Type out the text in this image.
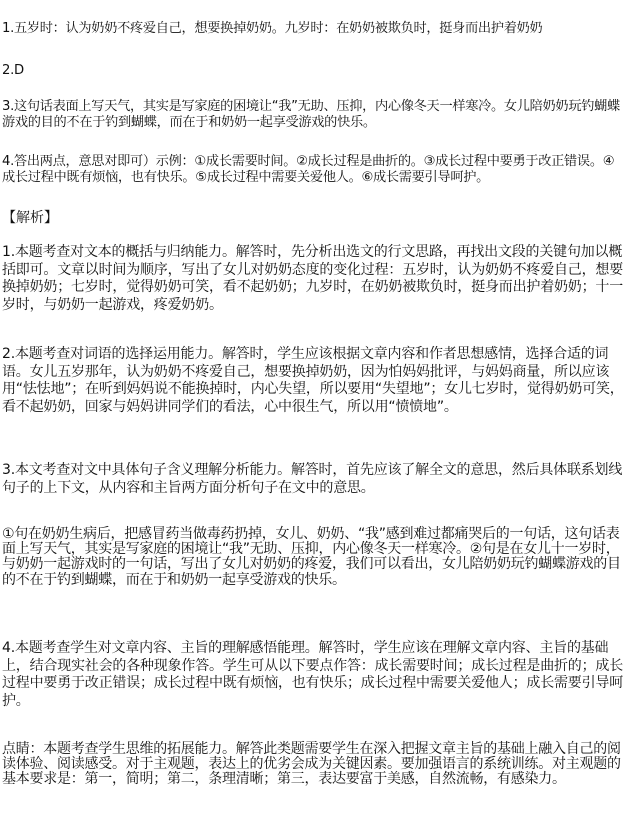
1.五岁时：认为奶奶不疼爱自己，想要换掉奶奶。九岁时：在奶奶被欺负时，挺身而出护着奶奶

2.D

3.这句话表面上写天气，其实是写家庭的困境让“我”无助、压抑，内心像冬天一样寒冷。女儿陪奶奶玩钓蝴蝶游戏的目的不在于钓到蝴蝶，而在于和奶奶一起享受游戏的快乐。

4.答出两点，意思对即可）示例：①成长需要时间。②成长过程是曲折的。③成长过程中要勇于改正错误。④成长过程中既有烦恼，也有快乐。⑤成长过程中需要关爱他人。⑥成长需要引导呵护。

【解析】

1.本题考查对文本的概括与归纳能力。解答时，先分析出选文的行文思路，再找出文段的关键句加以概括即可。文章以时间为顺序，写出了女儿对奶奶态度的变化过程：五岁时，认为奶奶不疼爱自己，想要换掉奶奶；七岁时，觉得奶奶可笑，看不起奶奶；九岁时，在奶奶被欺负时，挺身而出护着奶奶；十一岁时，与奶奶一起游戏，疼爱奶奶。

2.本题考查对词语的选择运用能力。解答时，学生应该根据文章内容和作者思想感情，选择合适的词语。女儿五岁那年，认为奶奶不疼爱自己，想要换掉奶奶，因为怕妈妈批评，与妈妈商量，所以应该用“怯怯地”；在听到妈妈说不能换掉时，内心失望，所以要用“失望地”；女儿七岁时，觉得奶奶可笑，看不起奶奶，回家与妈妈讲同学们的看法，心中很生气，所以用“愤愤地”。

3.本文考查对文中具体句子含义理解分析能力。解答时，首先应该了解全文的意思，然后具体联系划线句子的上下文，从内容和主旨两方面分析句子在文中的意思。

①句在奶奶生病后，把感冒药当做毒药扔掉，女儿、奶奶、“我”感到难过都痛哭后的一句话，这句话表面上写天气，其实是写家庭的困境让“我”无助、压抑，内心像冬天一样寒冷。②句是在女儿十一岁时，与奶奶一起游戏时的一句话，写出了女儿对奶奶的疼爱，我们可以看出，女儿陪奶奶玩钓蝴蝶游戏的目的不在于钓到蝴蝶，而在于和奶奶一起享受游戏的快乐。

4.本题考查学生对文章内容、主旨的理解感悟能理。解答时，学生应该在理解文章内容、主旨的基础上，结合现实社会的各种现象作答。学生可从以下要点作答：成长需要时间；成长过程是曲折的；成长过程中要勇于改正错误；成长过程中既有烦恼，也有快乐；成长过程中需要关爱他人；成长需要引导呵护。

点睛：本题考查学生思维的拓展能力。解答此类题需要学生在深入把握文章主旨的基础上融入自己的阅读体验、阅读感受。对于主观题，表达上的优劣会成为关键因素。要加强语言的系统训练。对主观题的基本要求是：第一，简明；第二，条理清晰；第三，表达要富于美感，自然流畅，有感染力。
